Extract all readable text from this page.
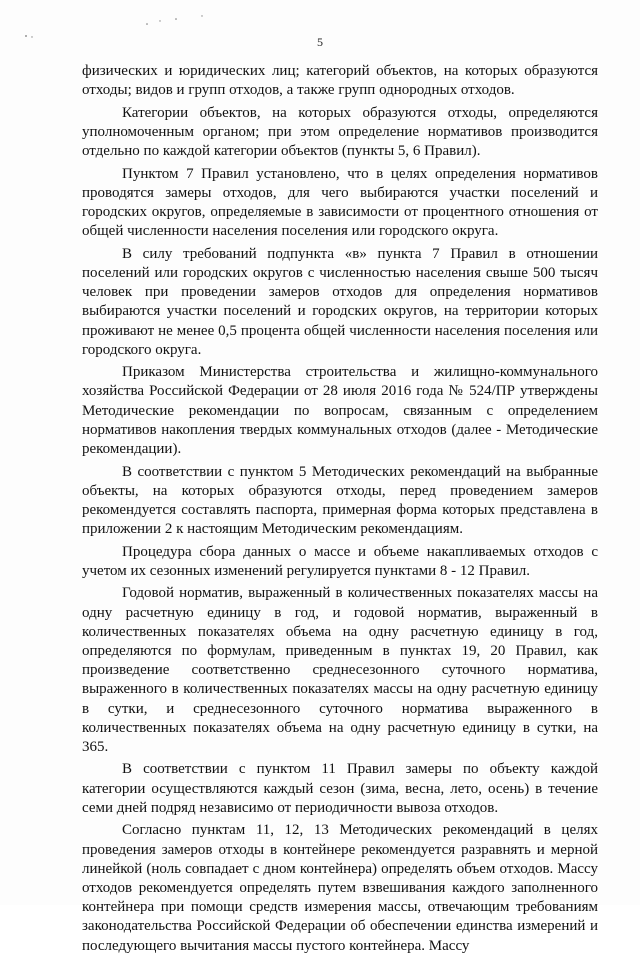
5

физических и юридических лиц; категорий объектов, на которых образуются отходы; видов и групп отходов, а также групп однородных отходов.

Категории объектов, на которых образуются отходы, определяются уполномоченным органом; при этом определение нормативов производится отдельно по каждой категории объектов (пункты 5, 6 Правил).

Пунктом 7 Правил установлено, что в целях определения нормативов проводятся замеры отходов, для чего выбираются участки поселений и городских округов, определяемые в зависимости от процентного отношения от общей численности населения поселения или городского округа.

В силу требований подпункта «в» пункта 7 Правил в отношении поселений или городских округов с численностью населения свыше 500 тысяч человек при проведении замеров отходов для определения нормативов выбираются участки поселений и городских округов, на территории которых проживают не менее 0,5 процента общей численности населения поселения или городского округа.

Приказом Министерства строительства и жилищно-коммунального хозяйства Российской Федерации от 28 июля 2016 года № 524/ПР утверждены Методические рекомендации по вопросам, связанным с определением нормативов накопления твердых коммунальных отходов (далее - Методические рекомендации).

В соответствии с пунктом 5 Методических рекомендаций на выбранные объекты, на которых образуются отходы, перед проведением замеров рекомендуется составлять паспорта, примерная форма которых представлена в приложении 2 к настоящим Методическим рекомендациям.

Процедура сбора данных о массе и объеме накапливаемых отходов с учетом их сезонных изменений регулируется пунктами 8 - 12 Правил.

Годовой норматив, выраженный в количественных показателях массы на одну расчетную единицу в год, и годовой норматив, выраженный в количественных показателях объема на одну расчетную единицу в год, определяются по формулам, приведенным в пунктах 19, 20 Правил, как произведение соответственно среднесезонного суточного норматива, выраженного в количественных показателях массы на одну расчетную единицу в сутки, и среднесезонного суточного норматива выраженного в количественных показателях объема на одну расчетную единицу в сутки, на 365.

В соответствии с пунктом 11 Правил замеры по объекту каждой категории осуществляются каждый сезон (зима, весна, лето, осень) в течение семи дней подряд независимо от периодичности вывоза отходов.

Согласно пунктам 11, 12, 13 Методических рекомендаций в целях проведения замеров отходы в контейнере рекомендуется разравнять и мерной линейкой (ноль совпадает с дном контейнера) определять объем отходов. Массу отходов рекомендуется определять путем взвешивания каждого заполненного контейнера при помощи средств измерения массы, отвечающим требованиям законодательства Российской Федерации об обеспечении единства измерений и последующего вычитания массы пустого контейнера. Массу
